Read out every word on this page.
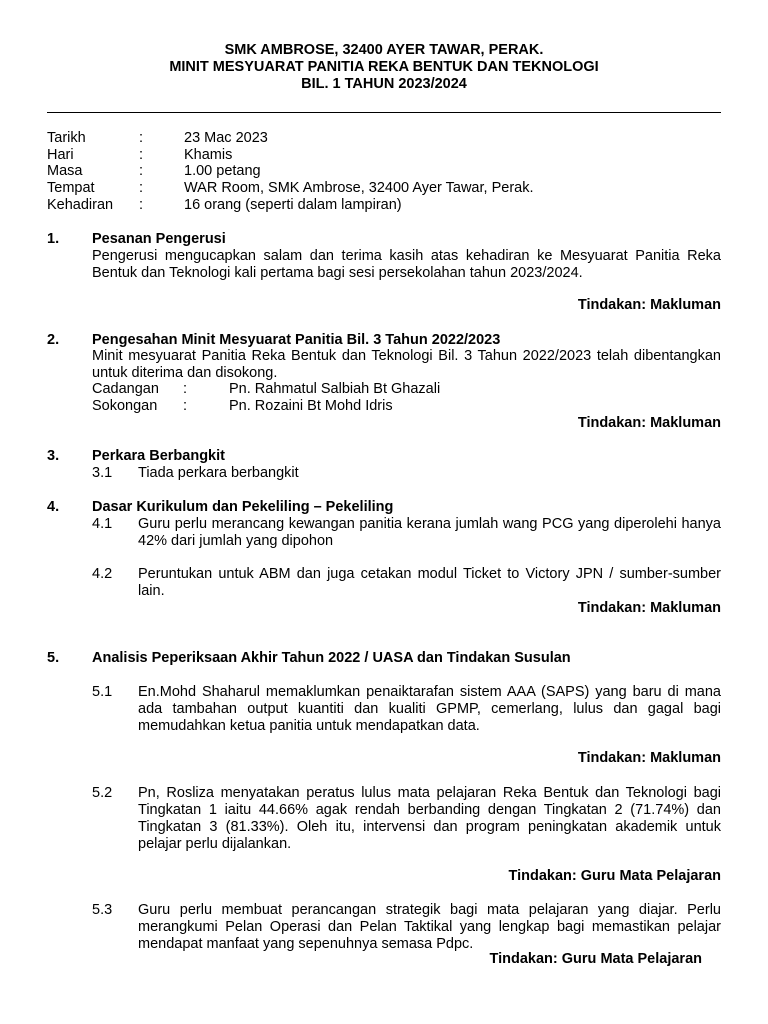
SMK AMBROSE, 32400 AYER TAWAR, PERAK.
MINIT MESYUARAT PANITIA REKA BENTUK DAN TEKNOLOGI
BIL. 1 TAHUN 2023/2024
Tarikh	:	23 Mac 2023
Hari	:	Khamis
Masa	:	1.00 petang
Tempat	:	WAR Room, SMK Ambrose, 32400 Ayer Tawar, Perak.
Kehadiran :	16 orang (seperti dalam lampiran)
1. Pesanan Pengerusi
Pengerusi mengucapkan salam dan terima kasih atas kehadiran ke Mesyuarat Panitia Reka Bentuk dan Teknologi kali pertama bagi sesi persekolahan tahun 2023/2024.
Tindakan: Makluman
2. Pengesahan Minit Mesyuarat Panitia Bil. 3 Tahun 2022/2023
Minit mesyuarat Panitia Reka Bentuk dan Teknologi Bil. 3 Tahun 2022/2023 telah dibentangkan untuk diterima dan disokong.
Cadangan :	Pn. Rahmatul Salbiah Bt Ghazali
Sokongan :	Pn. Rozaini Bt Mohd Idris
Tindakan: Makluman
3. Perkara Berbangkit
3.1 Tiada perkara berbangkit
4. Dasar Kurikulum dan Pekeliling – Pekeliling
4.1 Guru perlu merancang kewangan panitia kerana jumlah wang PCG yang diperolehi hanya 42% dari jumlah yang dipohon
4.2 Peruntukan untuk ABM dan juga cetakan modul Ticket to Victory JPN / sumber-sumber lain.
Tindakan: Makluman
5. Analisis Peperiksaan Akhir Tahun 2022 / UASA dan Tindakan Susulan
5.1 En.Mohd Shaharul memaklumkan penaiktarafan sistem AAA (SAPS) yang baru di mana ada tambahan output kuantiti dan kualiti GPMP, cemerlang, lulus dan gagal bagi memudahkan ketua panitia untuk mendapatkan data.
Tindakan: Makluman
5.2 Pn, Rosliza menyatakan peratus lulus mata pelajaran Reka Bentuk dan Teknologi bagi Tingkatan 1 iaitu 44.66% agak rendah berbanding dengan Tingkatan 2 (71.74%) dan Tingkatan 3 (81.33%). Oleh itu, intervensi dan program peningkatan akademik untuk pelajar perlu dijalankan.
Tindakan: Guru Mata Pelajaran
5.3 Guru perlu membuat perancangan strategik bagi mata pelajaran yang diajar. Perlu merangkumi Pelan Operasi dan Pelan Taktikal yang lengkap bagi memastikan pelajar mendapat manfaat yang sepenuhnya semasa Pdpc.
Tindakan: Guru Mata Pelajaran
